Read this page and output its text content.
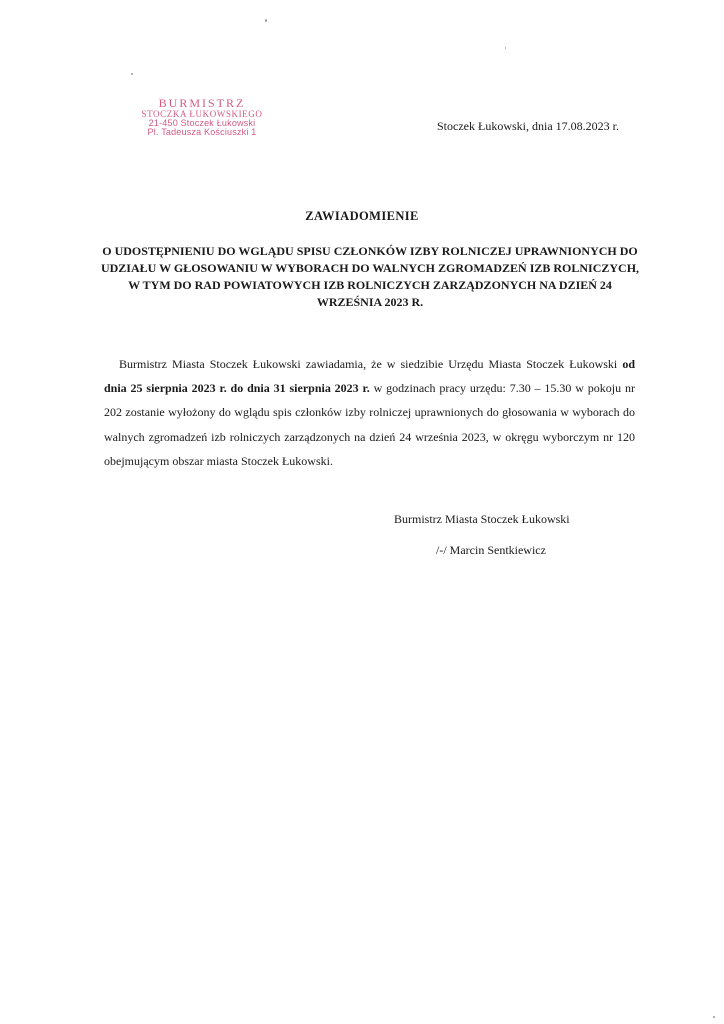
BURMISTRZ
STOCZKA ŁUKOWSKIEGO
21-450 Stoczek Łukowski
Pl. Tadeusza Kościuszki 1	Stoczek Łukowski, dnia 17.08.2023 r.
ZAWIADOMIENIE
O UDOSTĘPNIENIU DO WGLĄDU SPISU CZŁONKÓW IZBY ROLNICZEJ UPRAWNIONYCH DO UDZIAŁU W GŁOSOWANIU W WYBORACH DO WALNYCH ZGROMADZEŃ IZB ROLNICZYCH, W TYM DO RAD POWIATOWYCH IZB ROLNICZYCH ZARZĄDZONYCH NA DZIEŃ 24 WRZEŚNIA 2023 R.
Burmistrz Miasta Stoczek Łukowski zawiadamia, że w siedzibie Urzędu Miasta Stoczek Łukowski od dnia 25 sierpnia 2023 r. do dnia 31 sierpnia 2023 r. w godzinach pracy urzędu: 7.30 – 15.30 w pokoju nr 202 zostanie wyłożony do wglądu spis członków izby rolniczej uprawnionych do głosowania w wyborach do walnych zgromadzeń izb rolniczych zarządzonych na dzień 24 września 2023, w okręgu wyborczym nr 120 obejmującym obszar miasta Stoczek Łukowski.
Burmistrz Miasta Stoczek Łukowski
/-/ Marcin Sentkiewicz
